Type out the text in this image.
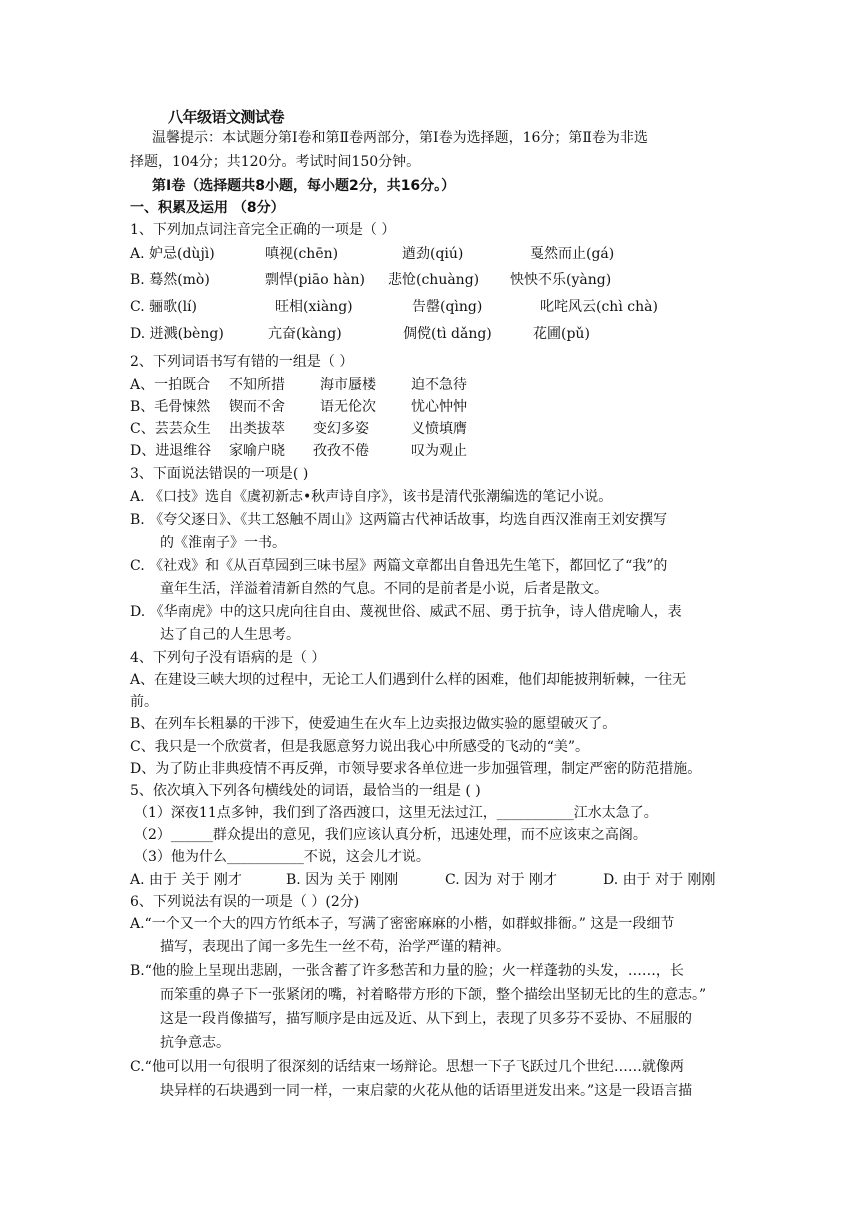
八年级语文测试卷
温馨提示：本试题分第Ⅰ卷和第Ⅱ卷两部分，第Ⅰ卷为选择题，16分；第Ⅱ卷为非选
择题，104分；共120分。考试时间150分钟。
第Ⅰ卷（选择题共8小题，每小题2分，共16分。）
一、积累及运用 （8分）
1、下列加点词注音完全正确的一项是（ ）
A. 妒忌(dùjì)	嗔视(chēn)	遒劲(qiú)	戛然而止(gá)
B. 蓦然(mò)	剽悍(piāo hàn) 悲怆(chuàng) 怏怏不乐(yàng)
C. 骊歌(lí)	旺相(xiàng)	告罄(qìng)	叱咤风云(chì chà)
D. 迸溅(bèng)	亢奋(kàng)	倜傥(tì dǎng)	花圃(pǔ)
2、下列词语书写有错的一组是（ ）
A、一拍既合 不知所措	海市蜃楼	迫不急待
B、毛骨悚然 锲而不舍	语无伦次	忧心忡忡
C、芸芸众生 出类拔萃 变幻多姿	义愤填膺
D、进退维谷 家喻户晓 孜孜不倦	叹为观止
3、下面说法错误的一项是( )
A. 《口技》选自《虞初新志•秋声诗自序》，该书是清代张潮编选的笔记小说。
B. 《夸父逐日》、《共工怒触不周山》这两篇古代神话故事，均选自西汉淮南王刘安撰写
的《淮南子》一书。
C. 《社戏》和《从百草园到三味书屋》两篇文章都出自鲁迅先生笔下，都回忆了“我”的
童年生活，洋溢着清新自然的气息。不同的是前者是小说，后者是散文。
D. 《华南虎》中的这只虎向往自由、蔑视世俗、威武不屈、勇于抗争，诗人借虎喻人，表
达了自己的人生思考。
4、下列句子没有语病的是（ ）
A、在建设三峡大坝的过程中，无论工人们遇到什么样的困难，他们却能披荆斩棘，一往无
前。
B、在列车长粗暴的干涉下，使爱迪生在火车上边卖报边做实验的愿望破灭了。
C、我只是一个欣赏者，但是我愿意努力说出我心中所感受的飞动的“美”。
D、为了防止非典疫情不再反弹，市领导要求各单位进一步加强管理，制定严密的防范措施。
5、依次填入下列各句横线处的词语，最恰当的一组是 ( )
（1）深夜11点多钟，我们到了洛西渡口，这里无法过江，___________江水太急了。
（2）______群众提出的意见，我们应该认真分析，迅速处理，而不应该束之高阁。
（3）他为什么___________不说，这会儿才说。
A. 由于 关于 刚才	B. 因为 关于 刚刚	C. 因为 对于 刚才	D. 由于 对于 刚刚
6、下列说法有误的一项是（ ）(2分)
A.“一个又一个大的四方竹纸本子，写满了密密麻麻的小楷，如群蚁排衙。” 这是一段细节
描写，表现出了闻一多先生一丝不苟，治学严谨的精神。
B.“他的脸上呈现出悲剧，一张含蓄了许多愁苦和力量的脸；火一样蓬勃的头发，……，长
而笨重的鼻子下一张紧闭的嘴，衬着略带方形的下颌，整个描绘出坚韧无比的生的意志。”
这是一段肖像描写，描写顺序是由远及近、从下到上，表现了贝多芬不妥协、不屈服的
抗争意志。
C.“他可以用一句很明了很深刻的话结束一场辩论。思想一下子飞跃过几个世纪……就像两
块异样的石块遇到一同一样，一束启蒙的火花从他的话语里迸发出来。”这是一段语言描
